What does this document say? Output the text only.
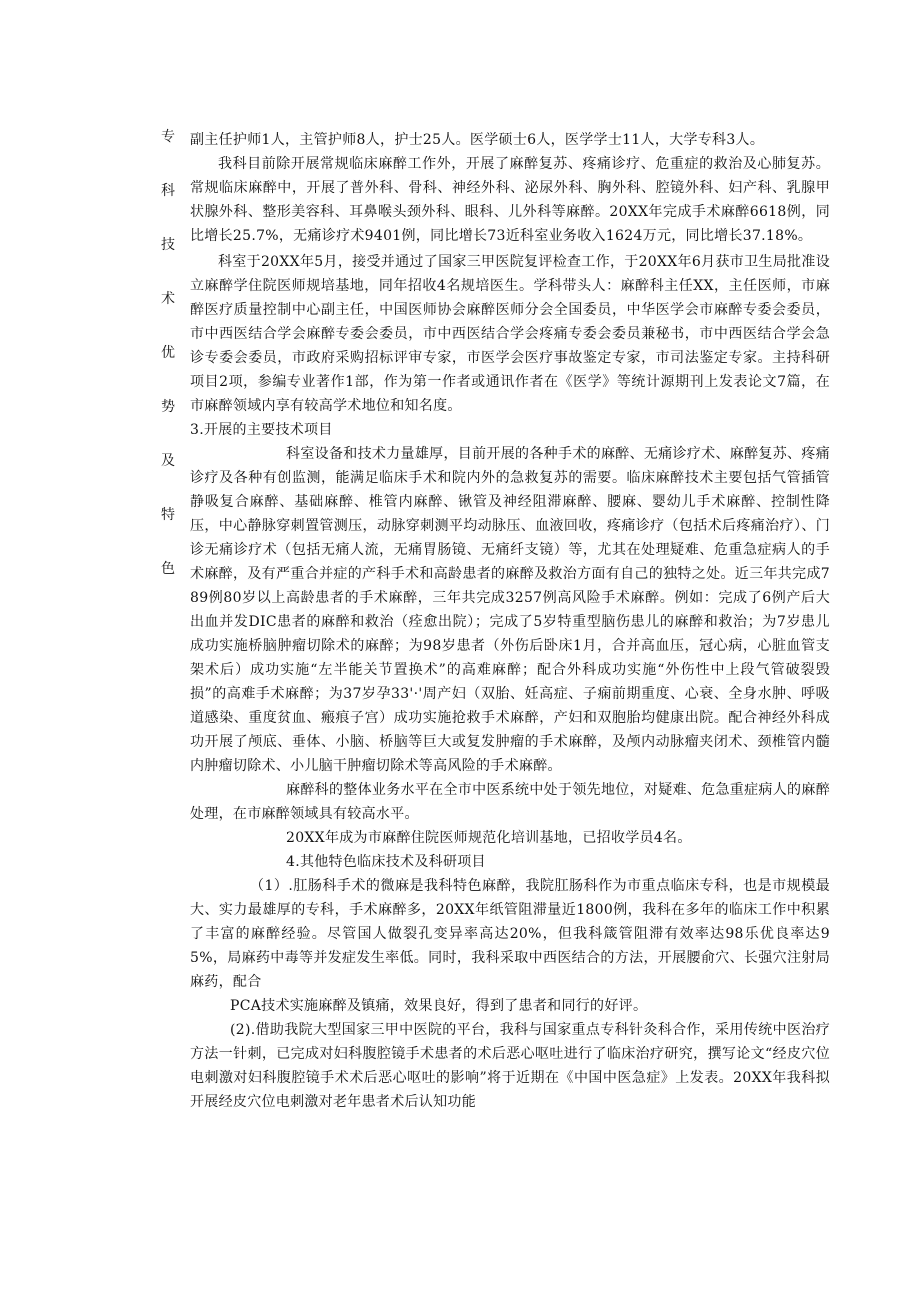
专
科
技
术
优
势
及
特
色

副主任护师1人，主管护师8人，护士25人。医学硕士6人，医学学士11人，大学专科3人。

我科目前除开展常规临床麻醉工作外，开展了麻醉复苏、疼痛诊疗、危重症的救治及心肺复苏。常规临床麻醉中，开展了普外科、骨科、神经外科、泌尿外科、胸外科、腔镜外科、妇产科、乳腺甲状腺外科、整形美容科、耳鼻喉头颈外科、眼科、儿外科等麻醉。20XX年完成手术麻醉6618例，同比增长25.7%，无痛诊疗术9401例，同比增长73近科室业务收入1624万元，同比增长37.18%。

科室于20XX年5月，接受并通过了国家三甲医院复评检查工作，于20XX年6月获市卫生局批准设立麻醉学住院医师规培基地，同年招收4名规培医生。学科带头人：麻醉科主任XX，主任医师，市麻醉医疗质量控制中心副主任，中国医师协会麻醉医师分会全国委员，中华医学会市麻醉专委会委员，市中西医结合学会麻醉专委会委员，市中西医结合学会疼痛专委会委员兼秘书，市中西医结合学会急诊专委会委员，市政府采购招标评审专家，市医学会医疗事故鉴定专家，市司法鉴定专家。主持科研项目2项，参编专业著作1部，作为第一作者或通讯作者在《医学》等统计源期刊上发表论文7篇，在市麻醉领域内享有较高学术地位和知名度。

3.开展的主要技术项目

科室设备和技术力量雄厚，目前开展的各种手术的麻醉、无痛诊疗术、麻醉复苏、疼痛诊疗及各种有创监测，能满足临床手术和院内外的急救复苏的需要。临床麻醉技术主要包括气管插管静吸复合麻醉、基础麻醉、椎管内麻醉、锹管及神经阻滞麻醉、腰麻、婴幼儿手术麻醉、控制性降压，中心静脉穿刺置管测压，动脉穿刺测平均动脉压、血液回收，疼痛诊疗（包括术后疼痛治疗）、门诊无痛诊疗术（包括无痛人流，无痛胃肠镜、无痛纤支镜）等，尤其在处理疑难、危重急症病人的手术麻醉，及有严重合并症的产科手术和高龄患者的麻醉及救治方面有自己的独特之处。近三年共完成789例80岁以上高龄患者的手术麻醉，三年共完成3257例高风险手术麻醉。例如：完成了6例产后大出血并发DIC患者的麻醉和救治（痊愈出院）；完成了5岁特重型脑伤患儿的麻醉和救治；为7岁患儿成功实施桥脑肿瘤切除术的麻醉；为98岁患者（外伤后卧床1月，合并高血压，冠心病，心脏血管支架术后）成功实施“左半能关节置换术”的高难麻醉；配合外科成功实施“外伤性中上段气管破裂毁损”的高难手术麻醉；为37岁孕33'·'周产妇（双胎、妊高症、子痫前期重度、心衰、全身水肿、呼吸道感染、重度贫血、瘢痕子宫）成功实施抢救手术麻醉，产妇和双胞胎均健康出院。配合神经外科成功开展了颅底、垂体、小脑、桥脑等巨大或复发肿瘤的手术麻醉，及颅内动脉瘤夹闭术、颈椎管内髓内肿瘤切除术、小儿脑干肿瘤切除术等高风险的手术麻醉。

麻醉科的整体业务水平在全市中医系统中处于领先地位，对疑难、危急重症病人的麻醉处理，在市麻醉领域具有较高水平。

20XX年成为市麻醉住院医师规范化培训基地，已招收学员4名。

4.其他特色临床技术及科研项目

（1）.肛肠科手术的微麻是我科特色麻醉，我院肛肠科作为市重点临床专科，也是市规模最大、实力最雄厚的专科，手术麻醉多，20XX年纸管阻滞量近1800例，我科在多年的临床工作中积累了丰富的麻醉经验。尽管国人做裂孔变异率高达20%，但我科箴管阻滞有效率达98乐优良率达95%，局麻药中毒等并发症发生率低。同时，我科采取中西医结合的方法，开展腰俞穴、长强穴注射局麻药，配合

PCA技术实施麻醉及镇痛，效果良好，得到了患者和同行的好评。

(2).借助我院大型国家三甲中医院的平台，我科与国家重点专科针灸科合作，采用传统中医治疗方法一针刺，已完成对妇科腹腔镜手术患者的术后恶心呕吐进行了临床治疗研究，撰写论文“经皮穴位电刺激对妇科腹腔镜手术术后恶心呕吐的影响”将于近期在《中国中医急症》上发表。20XX年我科拟开展经皮穴位电刺激对老年患者术后认知功能
